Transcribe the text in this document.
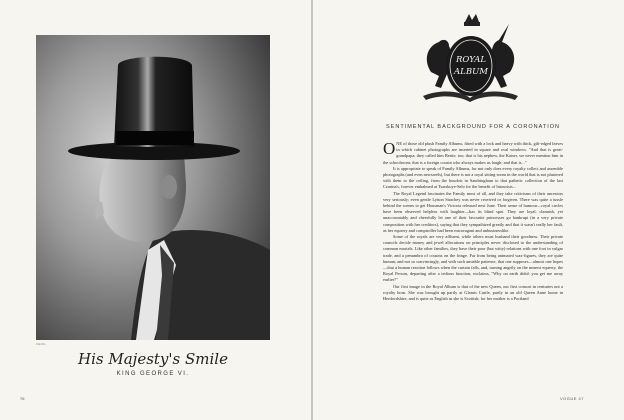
CECIL
His Majesty's Smile
KING GEORGE VI.
76
ROYAL
ALBUM
SENTIMENTAL BACKGROUND FOR A CORONATION

ONE of those old plush Family Albums, fitted with a lock and heavy with thick, gilt-edged leaves in which cabinet photographs are inserted in square and oval windows. "And that is great-grandpapa, they called him Bertie, too; that is his nephew, the Kaiser, we never mention him in the schoolroom; that is a foreign cousin who always makes us laugh; and that is..."

It is appropriate to speak of Family Albums, for not only does every royalty collect and assemble photographs (and even newsreels), but there is not a royal sitting-room in the world that is not plastered with them to the ceiling, from the boudoir in Sandringham to that pathetic collection of the last Czarina's, forever embalmed at Tsarskoye-Selo for the benefit of Intourists...

The Royal Legend fascinates the Family most of all, and they take criticisms of their ancestors very seriously; even gentle Lytton Strachey was never received or forgiven. There was quite a tussle behind the scenes to get Housman's Victoria released next June. Their sense of humour—royal circles have been observed helpless with laughter—has its blind spot. They are loyal, clannish, yet unaccountably and cheerfully let one of their favourite princesses go bankrupt (in a very private composition with her creditors), saying that they sympathized greatly and that it wasn't really her fault, as her equerry and comptroller had been extravagant and unbusinesslike.

Some of the royals are very affluent, while others must husband their goodness. Their private councils decide money and jewel allocations on principles never disclosed to the understanding of common mortals. Like other families, they have their poor (but witty) relations with one foot in vulgar trade, and a penumbra of cousins on the fringe. Far from being animated wax-figures, they are quite human; and not so convincingly, and with such amiable patience, that one supposes—almost one hopes—that a human reaction follows when the curtain falls, and, turning angrily on the nearest equerry, the Royal Person, departing after a tedious function, exclaims, "Why on earth didn't you get me away earlier?"

Our first image in the Royal Album is that of the new Queen, our first consort in centuries not a royalty born. She was brought up partly at Glamis Castle, partly in an old Queen Anne home in Hertfordshire, and is quite as English as she is Scottish; for her mother is a Portland

VOGUE 47
